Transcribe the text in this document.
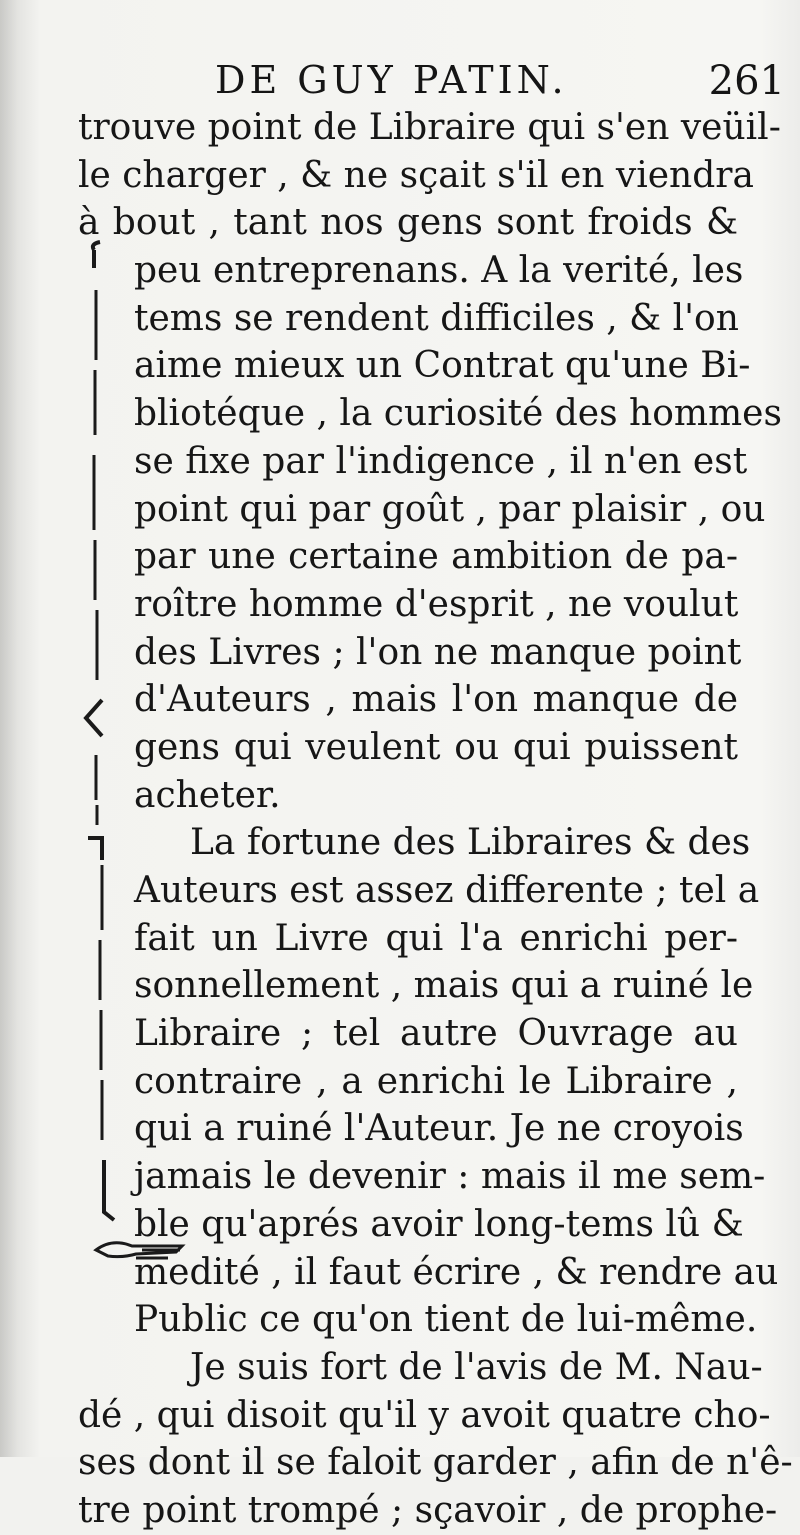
DE GUY PATIN.	261
trouve point de Libraire qui s'en veüil-
le charger , & ne sçait s'il en viendra
à bout , tant nos gens sont froids &
peu entreprenans. A la verité, les
tems se rendent difficiles , & l'on
aime mieux un Contrat qu'une Bi-
bliotéque , la curiosité des hommes
se fixe par l'indigence , il n'en est
point qui par goût , par plaisir , ou
par une certaine ambition de pa-
roître homme d'esprit , ne voulut
des Livres ; l'on ne manque point
d'Auteurs , mais l'on manque de
gens qui veulent ou qui puissent
acheter.
La fortune des Libraires & des
Auteurs est assez differente ; tel a
fait un Livre qui l'a enrichi per-
sonnellement , mais qui a ruiné le
Libraire ; tel autre Ouvrage au
contraire , a enrichi le Libraire ,
qui a ruiné l'Auteur. Je ne croyois
jamais le devenir : mais il me sem-
ble qu'aprés avoir long-tems lû &
medité , il faut écrire , & rendre au
Public ce qu'on tient de lui-même.
Je suis fort de l'avis de M. Nau-
dé , qui disoit qu'il y avoit quatre cho-
ses dont il se faloit garder , afin de n'ê-
tre point trompé ; sçavoir , de prophe-
